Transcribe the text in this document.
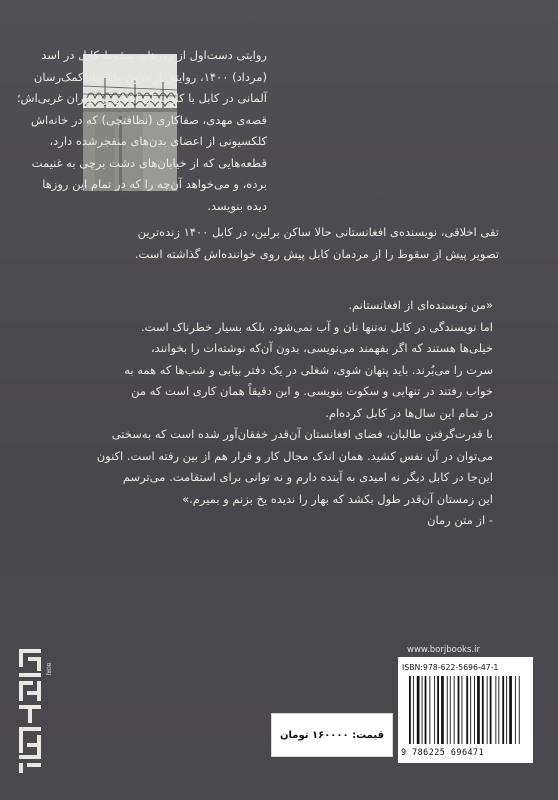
روایتی دست‌اول از روزهای سقوط کابل در اسد
(مرداد) ۱۴۰۰، روایتی از درون یک نهاد کمک‌رسان
آلمانی در کابل با کارمندان افغان و مدیران غربی‌اش؛
قصه‌ی مهدی، صفاکاری (نظافتچی) که در خانه‌اش
کلکسیونی از اعضای بدن‌های منفجرشده دارد،
قطعه‌هایی که از خیابان‌های دشت برچی به غنیمت
برده، و می‌خواهد آن‌چه را که در تمام این روزها
دیده بنویسد.
تقی اخلاقی، نویسنده‌ی افغانستانی حالا ساکن برلین، در کابل ۱۴۰۰ زنده‌ترین
تصویر پیش از سقوط را از مردمان کابل پیش روی خواننده‌اش گذاشته است.
«من نویسنده‌ای از افغانستانم.
اما نویسندگی در کابل نه‌تنها نان و آب نمی‌شود، بلکه بسیار خطرناک است.
خیلی‌ها هستند که اگر بفهمند می‌نویسی، بدون آن‌که نوشته‌ات را بخوانند،
سرت را می‌بُرند. باید پنهان شوی، شغلی در یک دفتر بیابی و شب‌ها که همه به
خواب رفتند در تنهایی و سکوت بنویسی. و این دقیقاً همان کاری است که من
در تمام این سال‌ها در کابل کرده‌ام.
با قدرت‌گرفتن طالبان، فضای افغانستان آن‌قدر خفقان‌آور شده است که به‌سختی
می‌توان در آن نفس کشید. همان اندک مجال کار و قرار هم از بین رفته است. اکنون
این‌جا در کابل دیگر نه امیدی به آینده دارم و نه توانی برای استقامت. می‌ترسم
این زمستان آن‌قدر طول بکشد که بهار را ندیده یخ بزنم و بمیرم.»
- از متن رمان
BORJ
www.borjbooks.ir
قیمت: ۱۶۰۰۰۰ تومان
ISBN:978-622-5696-47-1
9 786225 696471
